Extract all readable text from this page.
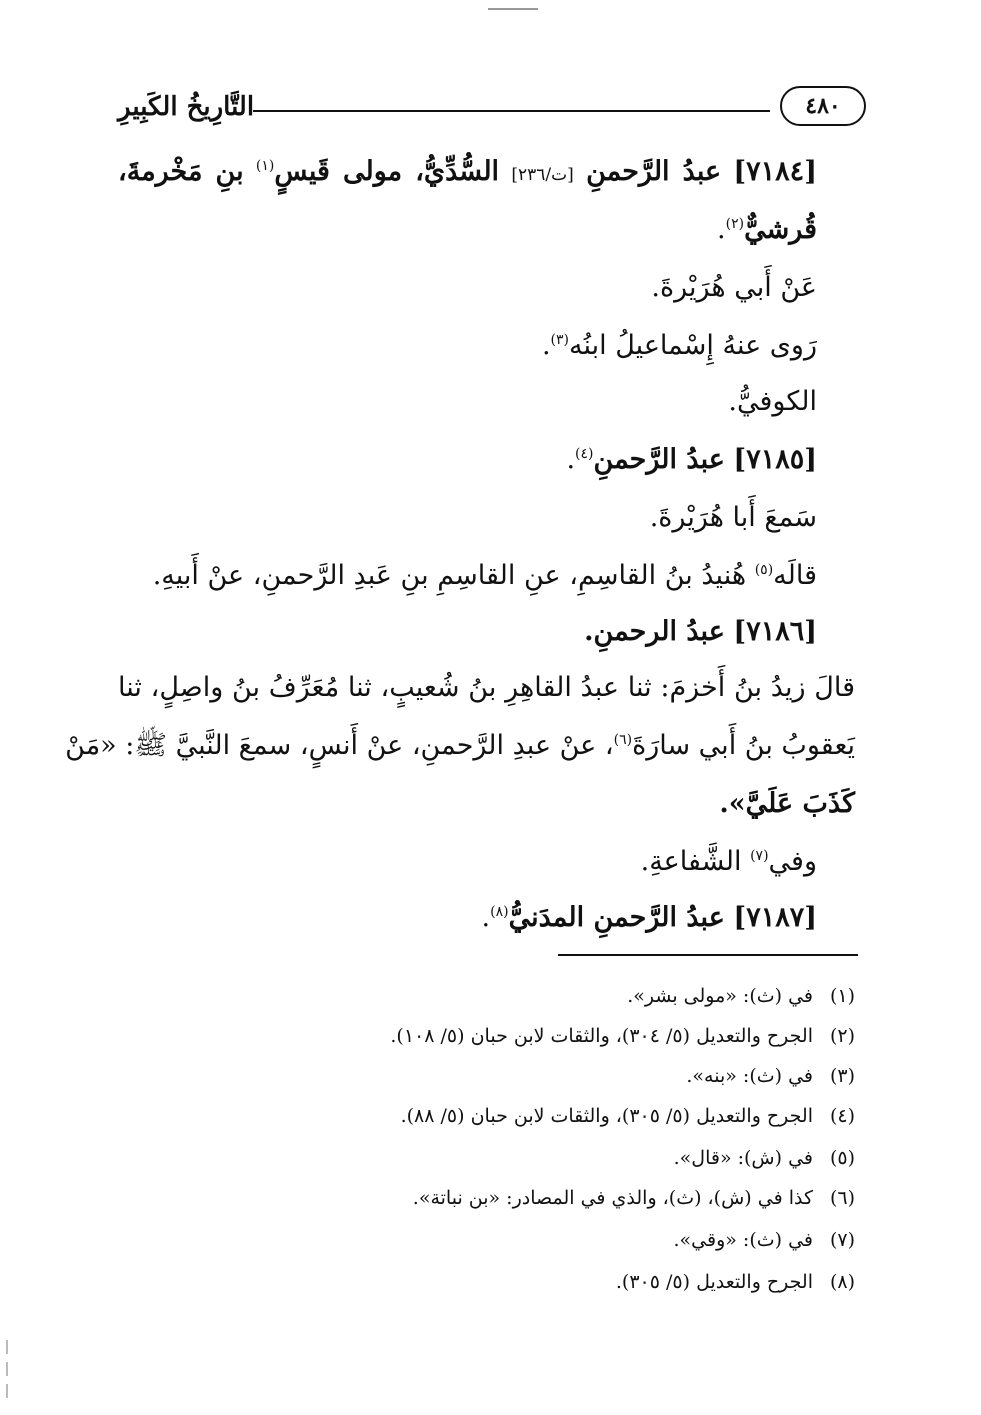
٤٨٠
التَّارِيخُ الكَبِيرِ
[٧١٨٤] عبدُ الرَّحمنِ [ت/٢٣٦] السُّدِّيُّ، مولى قَيسٍ$^{(١)}$ بنِ مَخْرمةَ،
قُرشيٌّ$^{(٢)}$.
عَنْ أَبي هُرَيْرةَ.
رَوى عنهُ إِسْماعيلُ ابنُه$^{(٣)}$.
الكوفيُّ.
[٧١٨٥] عبدُ الرَّحمنِ$^{(٤)}$.
سَمعَ أَبا هُرَيْرةَ.
قالَه$^{(٥)}$ هُنيدُ بنُ القاسِمِ، عنِ القاسِمِ بنِ عَبدِ الرَّحمنِ، عنْ أَبيهِ.
[٧١٨٦] عبدُ الرحمنِ.
قالَ زيدُ بنُ أَخزمَ: ثنا عبدُ القاهِرِ بنُ شُعيبٍ، ثنا مُعَرِّفُ بنُ واصِلٍ، ثنا
يَعقوبُ بنُ أَبي سارَةَ$^{(٦)}$، عنْ عبدِ الرَّحمنِ، عنْ أَنسٍ، سمعَ النَّبيَّ ﷺ: «مَنْ
كَذَبَ عَلَيَّ».
وفي$^{(٧)}$ الشَّفاعةِ.
[٧١٨٧] عبدُ الرَّحمنِ المدَنيُّ$^{(٨)}$.
(١)في (ث): «مولى بشر».
(٢)الجرح والتعديل (٥/ ٣٠٤)، والثقات لابن حبان (٥/ ١٠٨).
(٣)في (ث): «بنه».
(٤)الجرح والتعديل (٥/ ٣٠٥)، والثقات لابن حبان (٥/ ٨٨).
(٥)في (ش): «قال».
(٦)كذا في (ش)، (ث)، والذي في المصادر: «بن نباتة».
(٧)في (ث): «وقي».
(٨)الجرح والتعديل (٥/ ٣٠٥).
